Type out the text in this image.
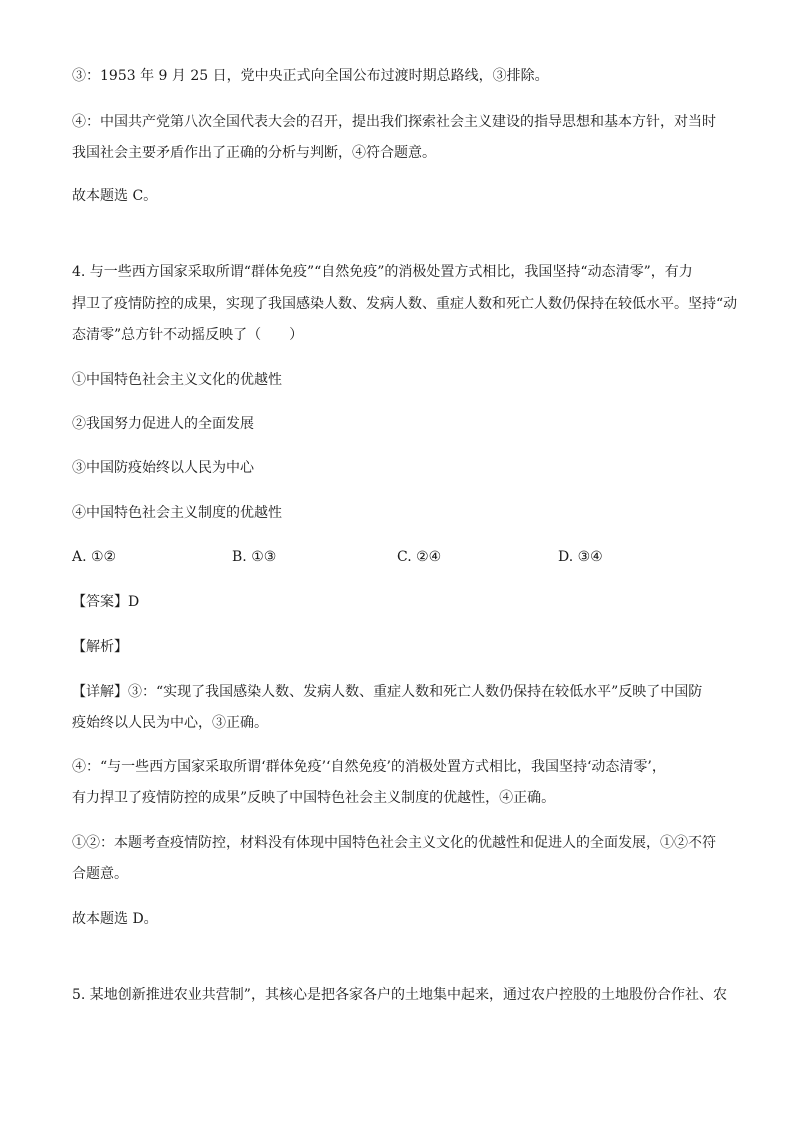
③：1953 年 9 月 25 日，党中央正式向全国公布过渡时期总路线，③排除。
④：中国共产党第八次全国代表大会的召开，提出我们探索社会主义建设的指导思想和基本方针，对当时
我国社会主要矛盾作出了正确的分析与判断，④符合题意。
故本题选 C。
4. 与一些西方国家采取所谓“群体免疫”“自然免疫”的消极处置方式相比，我国坚持“动态清零”，有力
捍卫了疫情防控的成果，实现了我国感染人数、发病人数、重症人数和死亡人数仍保持在较低水平。坚持“动
态清零”总方针不动摇反映了（　　）
①中国特色社会主义文化的优越性
②我国努力促进人的全面发展
③中国防疫始终以人民为中心
④中国特色社会主义制度的优越性
A. ①②	B. ①③	C. ②④	D. ③④
【答案】D
【解析】
【详解】③：“实现了我国感染人数、发病人数、重症人数和死亡人数仍保持在较低水平”反映了中国防
疫始终以人民为中心，③正确。
④：“与一些西方国家采取所谓‘群体免疫’‘自然免疫’的消极处置方式相比，我国坚持‘动态清零’，
有力捍卫了疫情防控的成果”反映了中国特色社会主义制度的优越性，④正确。
①②：本题考查疫情防控，材料没有体现中国特色社会主义文化的优越性和促进人的全面发展，①②不符
合题意。
故本题选 D。
5. 某地创新推进农业共营制”，其核心是把各家各户的土地集中起来，通过农户控股的土地股份合作社、农
